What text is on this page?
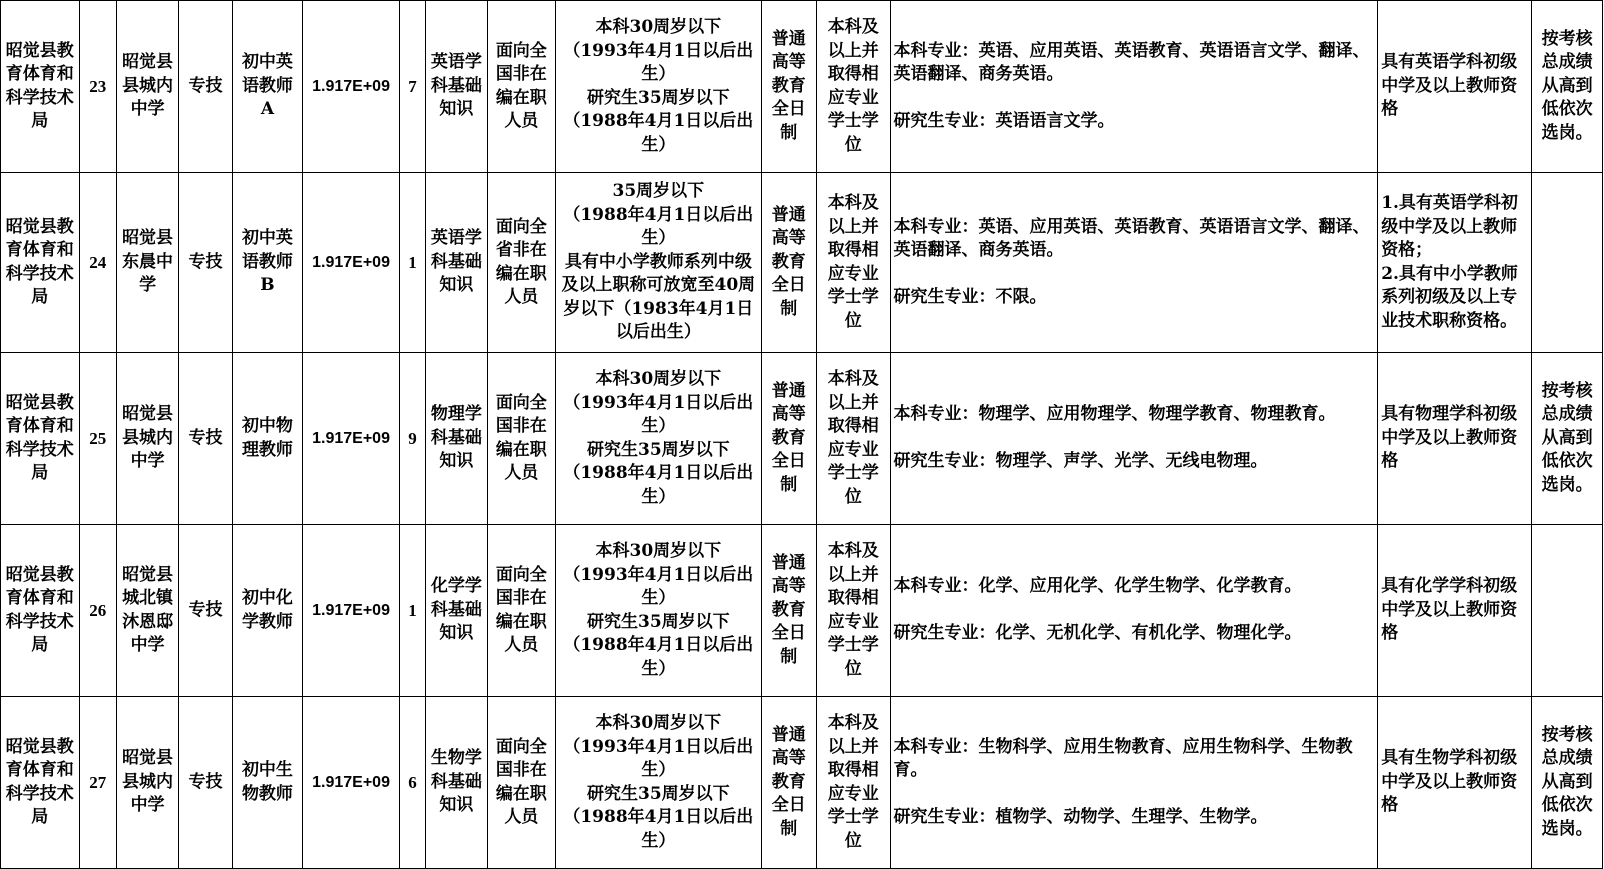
昭觉县教育体育和科学技术局	23	昭觉县县城内中学	专技	初中英语教师A	1.917E+09	7	英语学科基础知识	面向全国非在编在职人员	本科30周岁以下
（1993年4月1日以后出生）
研究生35周岁以下
（1988年4月1日以后出生）	普通高等教育全日制	本科及以上并取得相应专业学士学位	本科专业：英语、应用英语、英语教育、英语语言文学、翻译、英语翻译、商务英语。

研究生专业：英语语言文学。	具有英语学科初级中学及以上教师资格	按考核总成绩从高到低依次选岗。
昭觉县教育体育和科学技术局	24	昭觉县东晨中学	专技	初中英语教师B	1.917E+09	1	英语学科基础知识	面向全省非在编在职人员	35周岁以下
（1988年4月1日以后出生）
具有中小学教师系列中级及以上职称可放宽至40周岁以下（1983年4月1日以后出生）	普通高等教育全日制	本科及以上并取得相应专业学士学位	本科专业：英语、应用英语、英语教育、英语语言文学、翻译、英语翻译、商务英语。

研究生专业：不限。	1.具有英语学科初级中学及以上教师资格；
2.具有中小学教师系列初级及以上专业技术职称资格。	
昭觉县教育体育和科学技术局	25	昭觉县县城内中学	专技	初中物理教师	1.917E+09	9	物理学科基础知识	面向全国非在编在职人员	本科30周岁以下
（1993年4月1日以后出生）
研究生35周岁以下
（1988年4月1日以后出生）	普通高等教育全日制	本科及以上并取得相应专业学士学位	本科专业：物理学、应用物理学、物理学教育、物理教育。

研究生专业：物理学、声学、光学、无线电物理。	具有物理学科初级中学及以上教师资格	按考核总成绩从高到低依次选岗。
昭觉县教育体育和科学技术局	26	昭觉县城北镇沐恩邸中学	专技	初中化学教师	1.917E+09	1	化学学科基础知识	面向全国非在编在职人员	本科30周岁以下
（1993年4月1日以后出生）
研究生35周岁以下
（1988年4月1日以后出生）	普通高等教育全日制	本科及以上并取得相应专业学士学位	本科专业：化学、应用化学、化学生物学、化学教育。

研究生专业：化学、无机化学、有机化学、物理化学。	具有化学学科初级中学及以上教师资格	
昭觉县教育体育和科学技术局	27	昭觉县县城内中学	专技	初中生物教师	1.917E+09	6	生物学科基础知识	面向全国非在编在职人员	本科30周岁以下
（1993年4月1日以后出生）
研究生35周岁以下
（1988年4月1日以后出生）	普通高等教育全日制	本科及以上并取得相应专业学士学位	本科专业：生物科学、应用生物教育、应用生物科学、生物教育。

研究生专业：植物学、动物学、生理学、生物学。	具有生物学科初级中学及以上教师资格	按考核总成绩从高到低依次选岗。
